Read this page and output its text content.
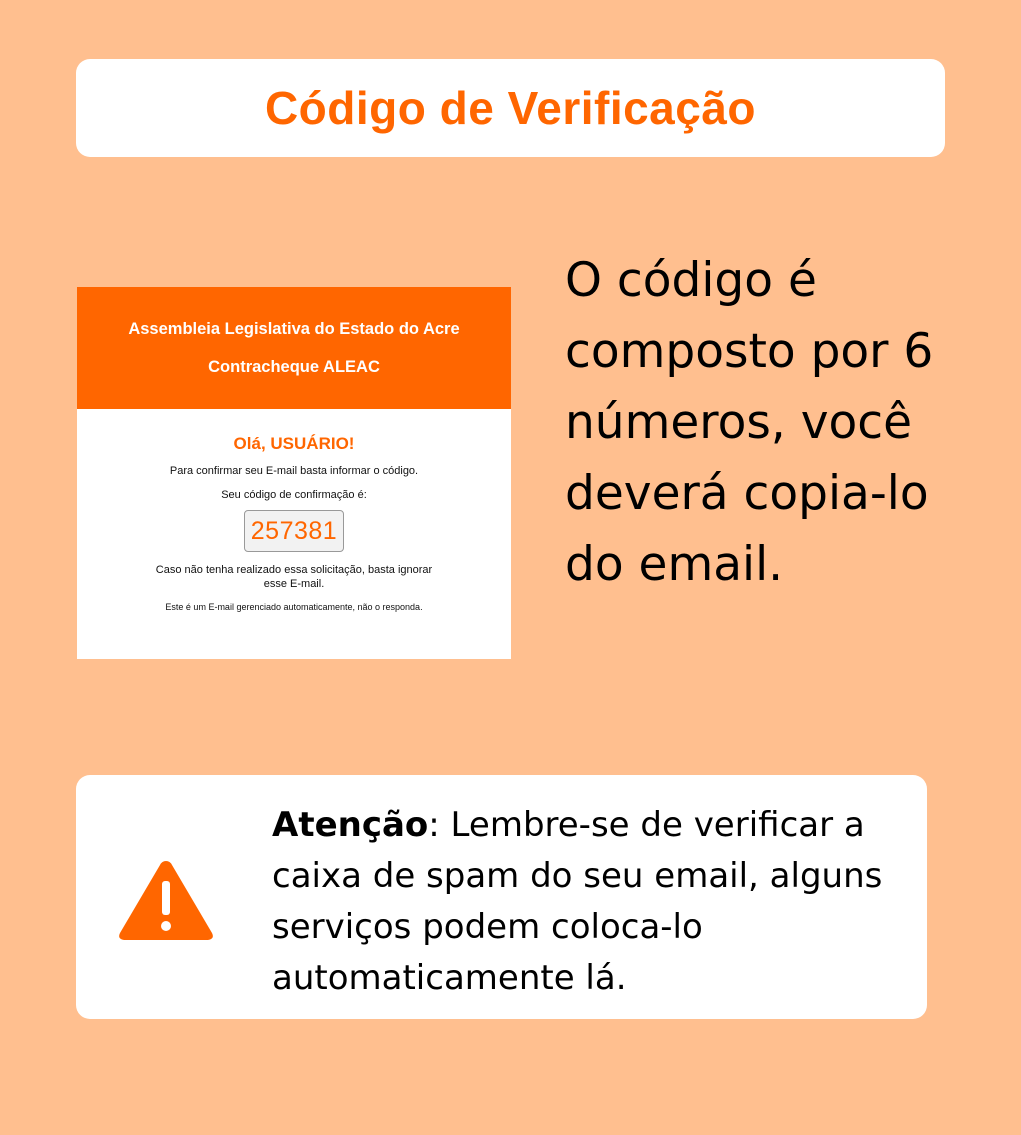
Código de Verificação
Assembleia Legislativa do Estado do Acre
Contracheque ALEAC
Olá, USUÁRIO!
Para confirmar seu E-mail basta informar o código.
Seu código de confirmação é:
257381
Caso não tenha realizado essa solicitação, basta ignorar esse E-mail.
Este é um E-mail gerenciado automaticamente, não o responda.
O código é composto por 6 números, você deverá copia-lo do email.
Atenção: Lembre-se de verificar a caixa de spam do seu email, alguns serviços podem coloca-lo automaticamente lá.
